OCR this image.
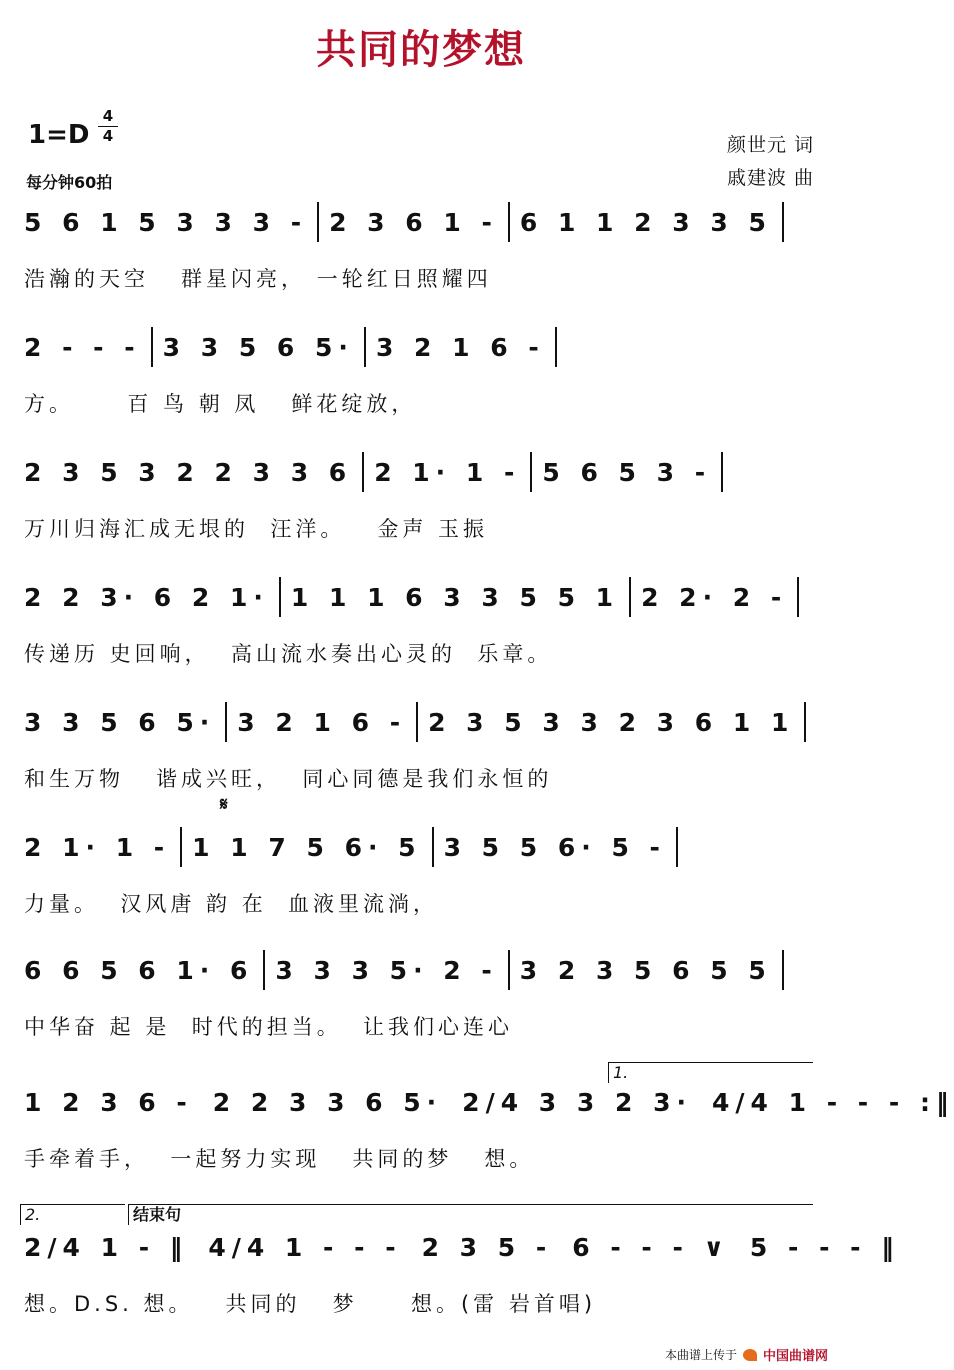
共同的梦想
1=D
4
4
每分钟60拍
颜世元 词
戚建波 曲
5 6 1 5 3 3 3 - 2 3 6 1 - 6 1 1 2 3 3 5
浩瀚的天空   群星闪亮， 一轮红日照耀四
2 - - - 3 3 5 6 5· 3 2 1 6 -
方。     百 鸟 朝 凤   鲜花绽放，
2 3 5 3 2 2 3 3 6 2 1· 1 - 5 6 5 3 -
万川归海汇成无垠的  汪洋。   金声 玉振
2 2 3· 6 2 1· 1 1 1 6 3 3 5 5 1 2 2· 2 -
传递历 史回响，  高山流水奏出心灵的  乐章。
3 3 5 6 5· 3 2 1 6 - 2 3 5 3 3 2 3 6 1 1
和生万物   谐成兴旺，  同心同德是我们永恒的
2 1· 1 - 1 1 7 5 6· 5 3 5 5 6· 5 -
力量。  汉风唐 韵 在  血液里流淌，
6 6 5 6 1· 6 3 3 3 5· 2 - 3 2 3 5 6 5 5
中华奋 起 是  时代的担当。  让我们心连心
1 2 3 6 - 2 2 3 3 6 5· 2/4 3 3 2 3· 4/4 1 - - - :‖
手牵着手，  一起努力实现   共同的梦   想。
2/4 1 - ‖ 4/4 1 - - - 2 3 5 - 6 - - - ∨ 5 - - - ‖
想。D.S. 想。   共同的   梦     想。(雷 岩首唱)
𝄋
1.
2.	结束句
本曲谱上传于 中国曲谱网
